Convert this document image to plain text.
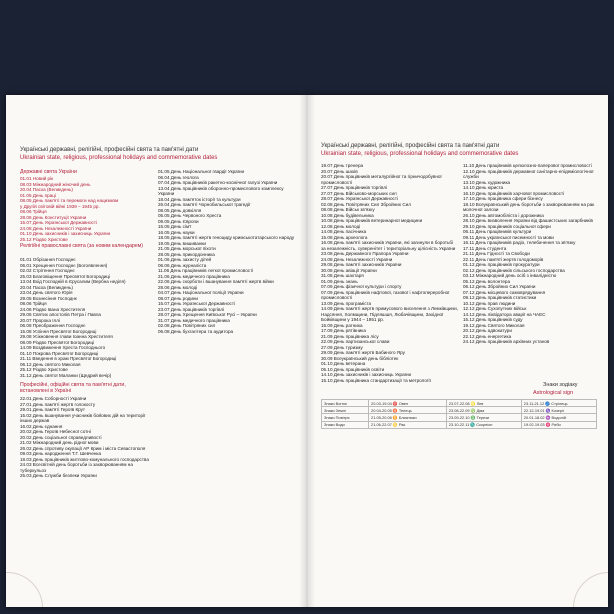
Українські державні, релігійні, професійні свята та пам'ятні дати
Ukrainian state, religious, professional holidays and commemorative dates
Державні свята України
01.01 Новий рік
08.03 Міжнародний жіночий день
20.04 Пасха (Великдень)
01.05 День праці
08.05 День пам'яті та перемоги над нацизмом
у Другій світовій війні 1939 – 1945 рр.
08.06 Трійця
28.06 День Конституції України
15.07 День Української Державності
24.08 День Незалежності України
01.10 День захисників і захисниць України
25.12 Різдво Христове
Релігійні православні свята (за новим календарем)
01.01 Обрізання Господнє
06.01 Хрещення Господнє (Богоявлення)
02.02 Стрітення Господнє
25.03 Благовіщення Пресвятої Богородиці
13.04 Вхід Господній в Єрусалим (Вербна неділя)
20.04 Пасха (Великдень)
23.04 День святого Юрія
29.05 Вознесіння Господнє
08.06 Трійця
24.06 Різдво Івана Хрестителя
29.06 Святих апостолів Петра і Павла
20.07 Пророка Іллі
06.08 Преображення Господнє
15.08 Успіння Пресвятої Богородиці
29.08 Усікновення глави Іоанна Хрестителя
08.09 Різдво Пресвятої Богородиці
14.09 Воздвиження Хреста Господнього
01.10 Покрова Пресвятої Богородиці
21.11 Введення в храм Пресвятої Богородиці
06.12 День святого Миколая
25.12 Різдво Христове
31.12 День святої Маланки (Щедрий вечір)
Професійні, офіційні свята та пам'ятні дати, встановлені в Україні
22.01 День Соборності України
27.01 День пам'яті жертв голокосту
29.01 День пам'яті Героїв Крут
15.02 День вшанування учасників бойових дій на території інших держав
16.02 День єднання
20.02 День Героїв Небесної сотні
20.02 День соціальної справедливості
21.02 Міжнародний день рідної мови
26.02 День спротиву окупації АР Крим і міста Севастополя
09.03 День народження Т.Г. Шевченка
18.03 День працівників житлово-комунального господарства
24.03 Всесвітній день боротьби із захворюванням на туберкульоз
25.03 День Служби безпеки України
01.05 День Національної гвардії України
06.04 День геолога
07.04 День працівників ракетно-космічної галузі України
13.04 День працівників оборонно-промислового комплексу України
18.04 День пам'яток історії та культури
26.04 День пам'яті Чорнобильської трагедії
08.05 День довкілля
05.05 День Червоного Хреста
09.05 День Європи
15.05 День сім'ї
16.05 День науки
18.05 День пам'яті жертв геноциду кримськотатарського народу
19.05 День вишиванки
21.05 День морської піхоти
28.05 День прикордонника
01.06 День захисту дітей
06.06 День журналіста
11.06 День працівників легкої промисловості
21.06 День медичного працівника
22.06 День скорботи і вшанування пам'яті жертв війни
28.06 День молоді
04.07 День Національної поліції України
08.07 День родини
15.07 День Української Державності
23.07 День працівників торгівлі
28.07 День Хрещення Київської Русі – України
31.07 День медичного працівника
02.08 День Повітряних сил
06.08 День бухгалтера та аудитора
Українські державні, релігійні, професійні свята та пам'ятні дати
Ukrainian state, religious, professional holidays and commemorative dates
19.07 День тренера
20.07 День шахів
20.07 День працівників металургійної та гірничодобувної промисловості
27.07 День працівників торгівлі
27.07 День Військово-морських сил
28.07 День Української Державності
02.08 День Повітряних Сил Збройних Сил
08.08 День Військ зв'язку
10.08 День будівельника
10.08 День працівників ветеринарної медицини
12.08 День молоді
14.08 День пасічника
15.08 День археолога
16.08 День пам'яті захисників України, які загинули в боротьбі за незалежність, суверенітет і територіальну цілісність України
23.08 День Державного Прапора України
24.08 День Незалежності України
29.08 День пам'яті захисників України
30.08 День авіації України
31.08 День шахтаря
01.09 День знань
07.09 День фізичної культури і спорту
07.09 День працівників нафтової, газової і нафтопереробної промисловості
13.09 День програміста
14.09 День пам'яті жертв примусового виселення з Лемківщини, Надсяння, Холмщини, Підляшшя, Любачівщини, Західної Бойківщини у 1944 – 1951 рр.
15.09 День ратника
17.09 День рятівника
21.09 День працівника лісу
22.09 День партизанської слави
27.09 День туризму
29.09 День пам'яті жертв Бабиного Яру
30.09 Всеукраїнський день бібліотек
01.10 День ветерана
05.10 День працівників освіти
14.10 День захисників і захисниць України
15.10 День працівника стандартизації та метрології
11.10 День працівників целюлозно-паперової промисловості
12.10 День працівників державної санітарно-епідеміологічної служби
13.10 День художника
14.10 День юриста
16.10 День працівників харчової промисловості
17.10 День працівника сфери бізнесу
18.10 Всеукраїнський день боротьби з захворюванням на рак молочної залози
26.10 День автомобіліста і дорожника
28.10 День визволення України від фашистських загарбників
29.10 День працівників соціальної сфери
06.11 День працівників культури
09.11 День української писемності та мови
16.11 День працівників радіо, телебачення та зв'язку
17.11 День студента
21.11 День Гідності та Свободи
22.11 День пам'яті жертв голодоморів
01.12 День працівників прокуратури
02.12 День працівників сільського господарства
03.12 Міжнародний день осіб з інвалідністю
05.12 День волонтера
06.12 День Збройних Сил України
07.12 День місцевого самоврядування
09.12 День працівників статистики
10.12 День прав людини
12.12 День Сухопутних військ
14.12 День ліквідатора аварії на ЧАЕС
15.12 День працівників суду
19.12 День Святого Миколая
20.12 День адвокатури
22.12 День енергетика
24.12 День працівників архівних установ
Знаки зодіаку
Astrological sign
Знаки Вогню	20.03-19.04 ♈ Овен	23.07-22.08 ♌ Лев	23.11-21.12 ♐ Стрілець
Знаки Землі	20.04-20.05 ♉ Телець	23.08-22.09 ♍ Діва	22.12-19.01 ♑ Козеріг
Знаки Повітря	21.05-20.06 ♊ Близнюки	23.09-22.10 ♎ Терези	20.01-18.02 ♒ Водолій
Знаки Води	21.06-22.07 ♋ Рак	23.10-22.11 ♏ Скорпіон	19.02-19.03 ♓ Риби
